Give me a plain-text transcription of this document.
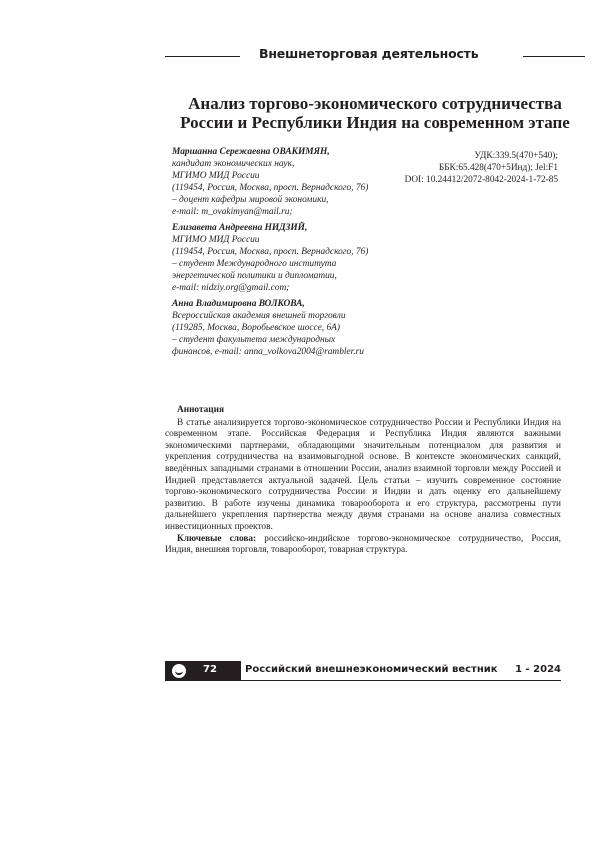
Внешнеторговая деятельность
Анализ торгово-экономического сотрудничества
России и Республики Индия на современном этапе
Маршанна Сережаевна ОВАКИМЯН,
кандидат экономических наук,
МГИМО МИД России
(119454, Россия, Москва, просп. Вернадского, 76)
– доцент кафедры мировой экономики,
e-mail: m_ovakimyan@mail.ru;
Елизавета Андреевна НИДЗИЙ,
МГИМО МИД России
(119454, Россия, Москва, просп. Вернадского, 76)
– студент Международного института
энергетической политики и дипломатии,
e-mail: nidziy.org@gmail.com;
Анна Владимировна ВОЛКОВА,
Всероссийская академия внешней торговли
(119285, Москва, Воробьевское шоссе, 6А)
– студент факультета международных
финансов, e-mail: anna_volkova2004@rambler.ru
УДК:339.5(470+540);
ББК:65.428(470+5Инд); Jel:F1
DOI: 10.24412/2072-8042-2024-1-72-85
Аннотация

В статье анализируется торгово-экономическое сотрудничество России и Республики Индия на современном этапе. Российская Федерация и Республика Индия являются важными экономическими партнерами, обладающими значительным потенциалом для развития и укрепления сотрудничества на взаимовыгодной основе. В контексте экономических санкций, введённых западными странами в отношении России, анализ взаимной торговли между Россией и Индией представляется актуальной задачей. Цель статьи – изучить современное состояние торгово-экономического сотрудничества России и Индии и дать оценку его дальнейшему развитию. В работе изучены динамика товарооборота и его структура, рассмотрены пути дальнейшего укрепления партнерства между двумя странами на основе анализа совместных инвестиционных проектов.

Ключевые слова: российско-индийское торгово-экономическое сотрудничество, Россия, Индия, внешняя торговля, товарооборот, товарная структура.

72	Российский внешнеэкономический вестник 1 - 2024
